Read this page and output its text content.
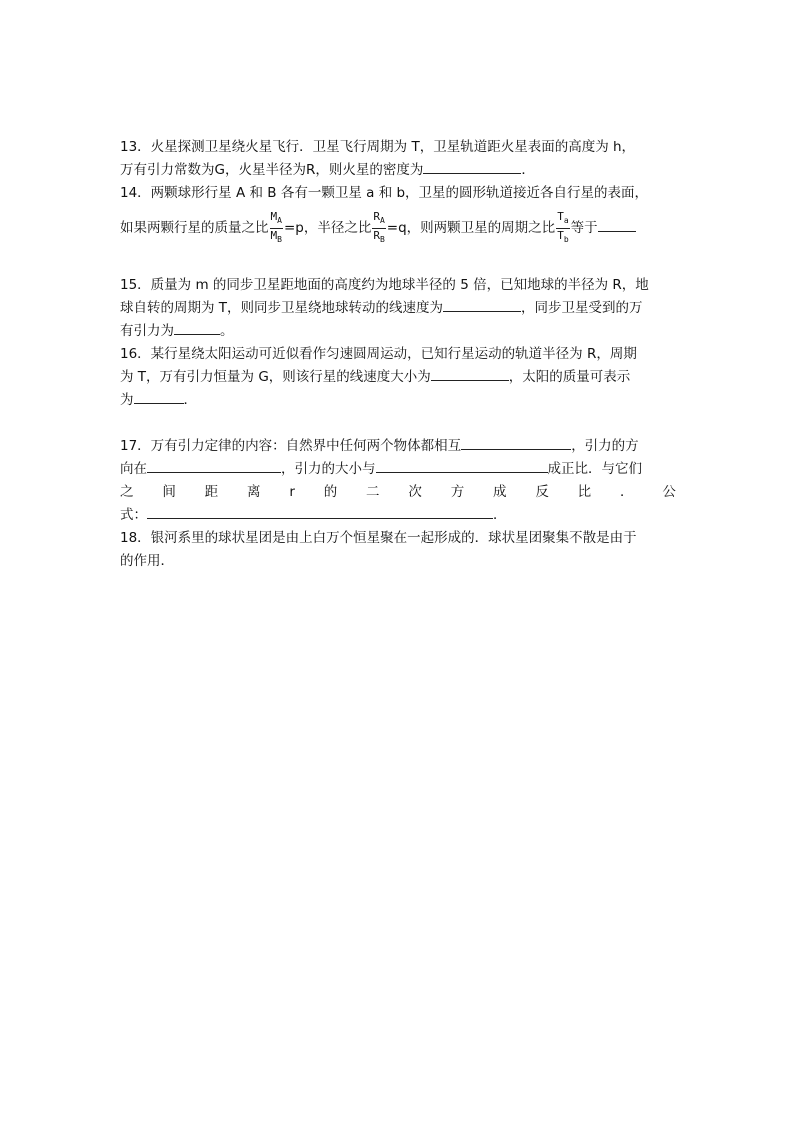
13．火星探测卫星绕火星飞行．卫星飞行周期为 T，卫星轨道距火星表面的高度为 h，
万有引力常数为G，火星半径为R，则火星的密度为	．
14．两颗球形行星 A 和 B 各有一颗卫星 a 和 b，卫星的圆形轨道接近各自行星的表面，
如果两颗行星的质量之比 $\frac{M_A}{M_B} =p$，半径之比 $\frac{R_A}{R_B} =q$，则两颗卫星的周期之比 $\frac{T_a}{T_b}$ 等于
15．质量为 m 的同步卫星距地面的高度约为地球半径的 5 倍，已知地球的半径为 R，地
球自转的周期为 T，则同步卫星绕地球转动的线速度为	，同步卫星受到的万
有引力为	。
16．某行星绕太阳运动可近似看作匀速圆周运动，已知行星运动的轨道半径为 R，周期
为 T，万有引力恒量为 G，则该行星的线速度大小为	，太阳的质量可表示
为	．
17．万有引力定律的内容：自然界中任何两个物体都相互	，引力的方
向在	，引力的大小与	成正比．与它们
之 间 距 离 r 的 二 次 方 成 反 比 ． 公
式：	．
18．银河系里的球状星团是由上白万个恒星聚在一起形成的．球状星团聚集不散是由于
的作用．
